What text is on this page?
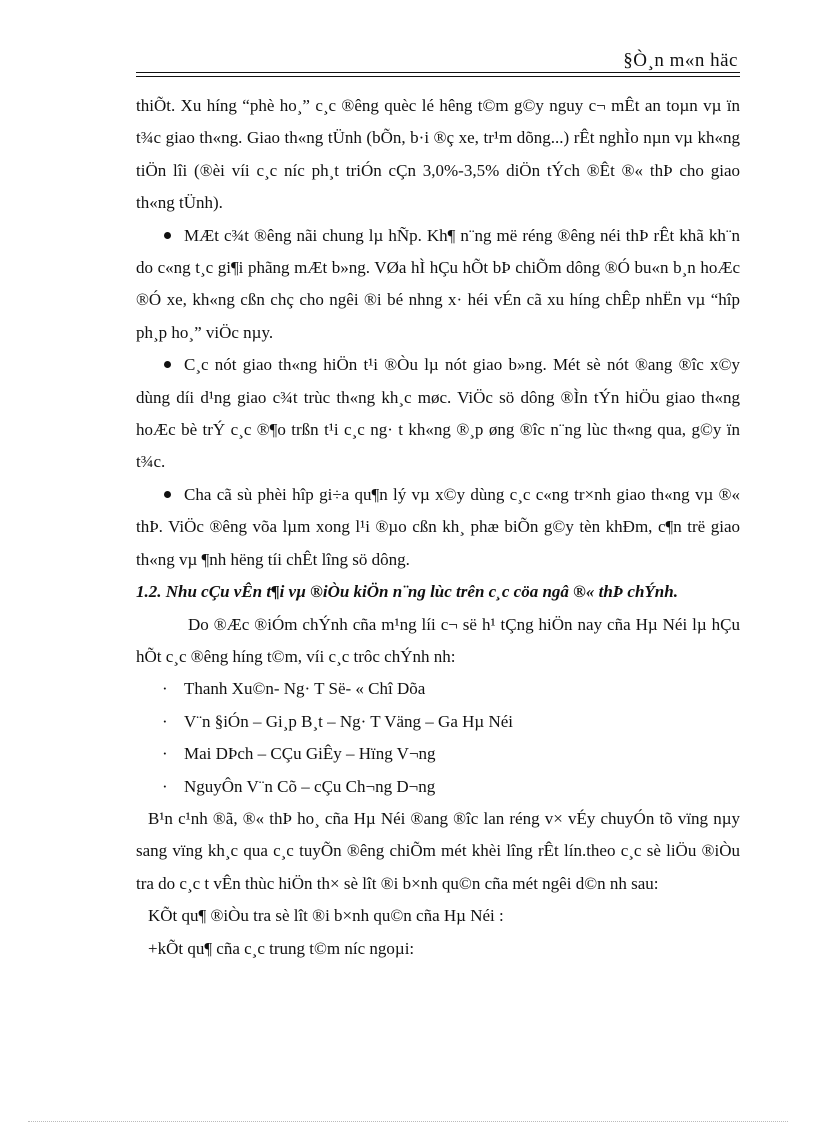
§Ò¸n m«n häc

thiÕt. Xu híng “phè ho¸” c¸c ®êng quèc lé hêng t©m g©y nguy c¬ mÊt an toµn vµ ïn t¾c giao th«ng. Giao th«ng tÜnh (bÕn, b·i ®ç xe, tr¹m dõng...) rÊt nghÌo nµn vµ kh«ng tiÖn lîi (®èi víi c¸c níc ph¸t triÓn cÇn 3,0%-3,5% diÖn tÝch ®Êt ®« thÞ cho giao th«ng tÜnh).

MÆt c¾t ®êng nãi chung lµ hÑp. Kh¶ n¨ng më réng ®êng néi thÞ rÊt khã kh¨n do c«ng t¸c gi¶i phãng mÆt b»ng. VØa hÌ hÇu hÕt bÞ chiÕm dông ®Ó bu«n b¸n hoÆc ®Ó xe, kh«ng cßn chç cho ngêi ®i bé nhng x· héi vÉn cã xu híng chÊp nhËn vµ “hîp ph¸p ho¸” viÖc nµy.

C¸c nót giao th«ng hiÖn t¹i ®Òu lµ nót giao b»ng. Mét sè nót ®ang ®îc x©y dùng díi d¹ng giao c¾t trùc th«ng kh¸c møc. ViÖc sö dông ®Ìn tÝn hiÖu giao th«ng hoÆc bè trÝ c¸c ®¶o trßn t¹i c¸c ng· t kh«ng ®¸p øng ®îc n¨ng lùc th«ng qua, g©y ïn t¾c.

Cha cã sù phèi hîp gi÷a qu¶n lý vµ x©y dùng c¸c c«ng tr×nh giao th«ng vµ ®« thÞ. ViÖc ®êng võa lµm xong l¹i ®µo cßn kh¸ phæ biÕn g©y tèn khÐm, c¶n trë giao th«ng vµ ¶nh hëng tíi chÊt lîng sö dông.

1.2. Nhu cÇu vÊn t¶i vµ ®iÒu kiÖn n¨ng lùc trên c¸c cöa ngâ ®« thÞ chÝnh.

Do ®Æc ®iÓm chÝnh cña m¹ng líi c¬ së h¹ tÇng hiÖn nay cña Hµ Néi lµ hÇu hÕt c¸c ®êng híng t©m, víi c¸c trôc chÝnh nh:

· Thanh Xu©n- Ng· T Së- « Chî Dõa

· V¨n §iÓn – Gi¸p B¸t – Ng· T Väng – Ga Hµ Néi

· Mai DÞch – CÇu GiÊy – Hïng V¬ng

· NguyÔn V¨n Cõ – cÇu Ch¬ng D¬ng

B¹n c¹nh ®ã, ®« thÞ ho¸ cña Hµ Néi ®ang ®îc lan réng v× vÉy chuyÓn tõ vïng nµy sang vïng kh¸c qua c¸c tuyÕn ®êng chiÕm mét khèi lîng rÊt lín.theo c¸c sè liÖu ®iÒu tra do c¸c t vÊn thùc hiÖn th× sè lît ®i b×nh qu©n cña mét ngêi d©n nh sau:

KÕt qu¶ ®iÒu tra sè lît ®i b×nh qu©n cña Hµ Néi :

+kÕt qu¶ cña c¸c trung t©m níc ngoµi:
